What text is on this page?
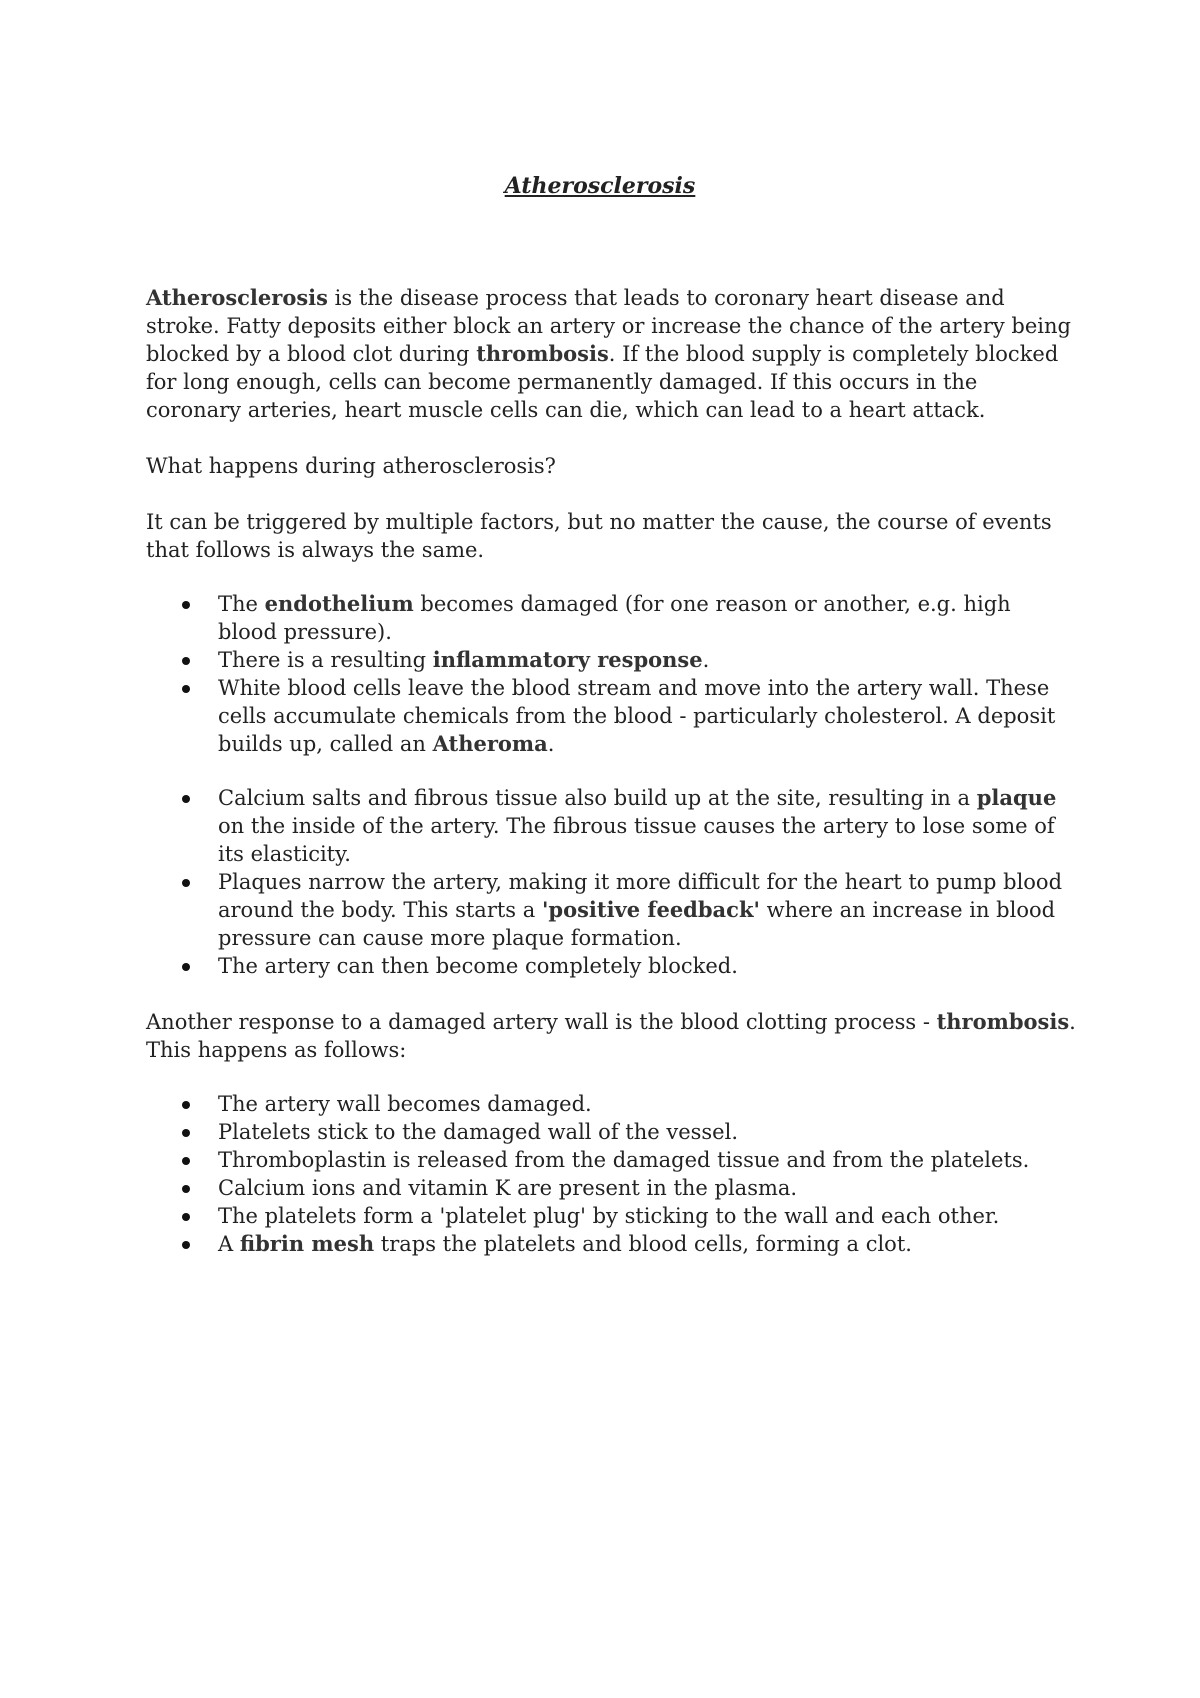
Atherosclerosis

Atherosclerosis is the disease process that leads to coronary heart disease and stroke. Fatty deposits either block an artery or increase the chance of the artery being blocked by a blood clot during thrombosis. If the blood supply is completely blocked for long enough, cells can become permanently damaged. If this occurs in the coronary arteries, heart muscle cells can die, which can lead to a heart attack.

What happens during atherosclerosis?

It can be triggered by multiple factors, but no matter the cause, the course of events that follows is always the same.

The endothelium becomes damaged (for one reason or another, e.g. high blood pressure).
There is a resulting inflammatory response.
White blood cells leave the blood stream and move into the artery wall. These cells accumulate chemicals from the blood - particularly cholesterol. A deposit builds up, called an Atheroma.
Calcium salts and fibrous tissue also build up at the site, resulting in a plaque on the inside of the artery. The fibrous tissue causes the artery to lose some of its elasticity.
Plaques narrow the artery, making it more difficult for the heart to pump blood around the body. This starts a 'positive feedback' where an increase in blood pressure can cause more plaque formation.
The artery can then become completely blocked.

Another response to a damaged artery wall is the blood clotting process - thrombosis. This happens as follows:

The artery wall becomes damaged.
Platelets stick to the damaged wall of the vessel.
Thromboplastin is released from the damaged tissue and from the platelets.
Calcium ions and vitamin K are present in the plasma.
The platelets form a 'platelet plug' by sticking to the wall and each other.
A fibrin mesh traps the platelets and blood cells, forming a clot.
